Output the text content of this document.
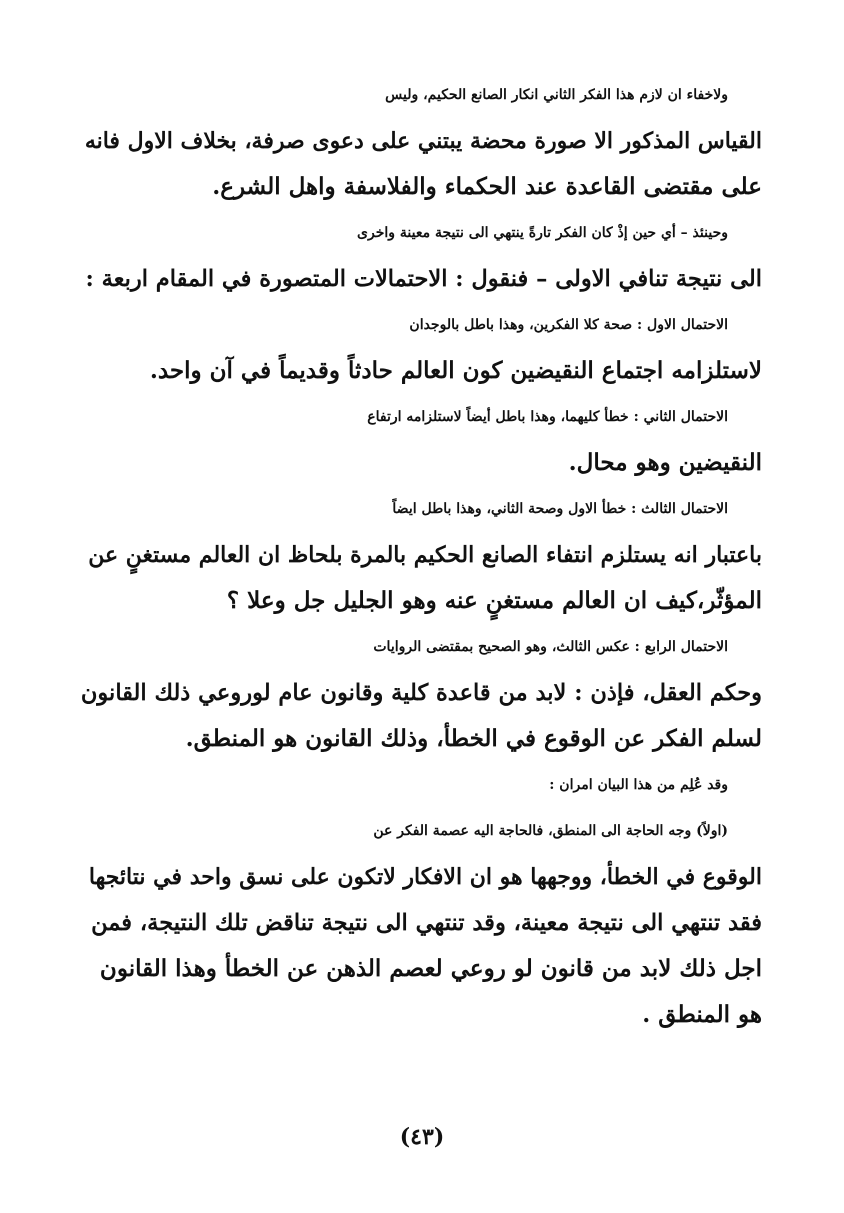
ولاخفاء ان لازم هذا الفكر الثاني انكار الصانع الحكيم، وليس
القياس المذكور الا صورة محضة يبتني على دعوى صرفة، بخلاف الاول فانه
على مقتضى القاعدة عند الحكماء والفلاسفة واهل الشرع.

وحينئذ – أي حين إذْ كان الفكر تارةً ينتهي الى نتيجة معينة واخرى
الى نتيجة تنافي الاولى – فنقول : الاحتمالات المتصورة في المقام اربعة :

الاحتمال الاول : صحة كلا الفكرين، وهذا باطل بالوجدان
لاستلزامه اجتماع النقيضين كون العالم حادثاً وقديماً في آن واحد.

الاحتمال الثاني : خطأ كليهما، وهذا باطل أيضاً لاستلزامه ارتفاع
النقيضين وهو محال.

الاحتمال الثالث : خطأ الاول وصحة الثاني، وهذا باطل ايضاً
باعتبار انه يستلزم انتفاء الصانع الحكيم بالمرة بلحاظ ان العالم مستغنٍ عن
المؤثّر،كيف ان العالم مستغنٍ عنه وهو الجليل جل وعلا ؟

الاحتمال الرابع : عكس الثالث، وهو الصحيح بمقتضى الروايات
وحكم العقل، فإذن : لابد من قاعدة كلية وقانون عام لوروعي ذلك القانون
لسلم الفكر عن الوقوع في الخطأ، وذلك القانون هو المنطق.

وقد عُلِم من هذا البيان امران :

(اولاً) وجه الحاجة الى المنطق، فالحاجة اليه عصمة الفكر عن
الوقوع في الخطأ، ووجهها هو ان الافكار لاتكون على نسق واحد في نتائجها
فقد تنتهي الى نتيجة معينة، وقد تنتهي الى نتيجة تناقض تلك النتيجة، فمن
اجل ذلك لابد من قانون لو روعي لعصم الذهن عن الخطأ وهذا القانون
هو المنطق .

(٤٣)
